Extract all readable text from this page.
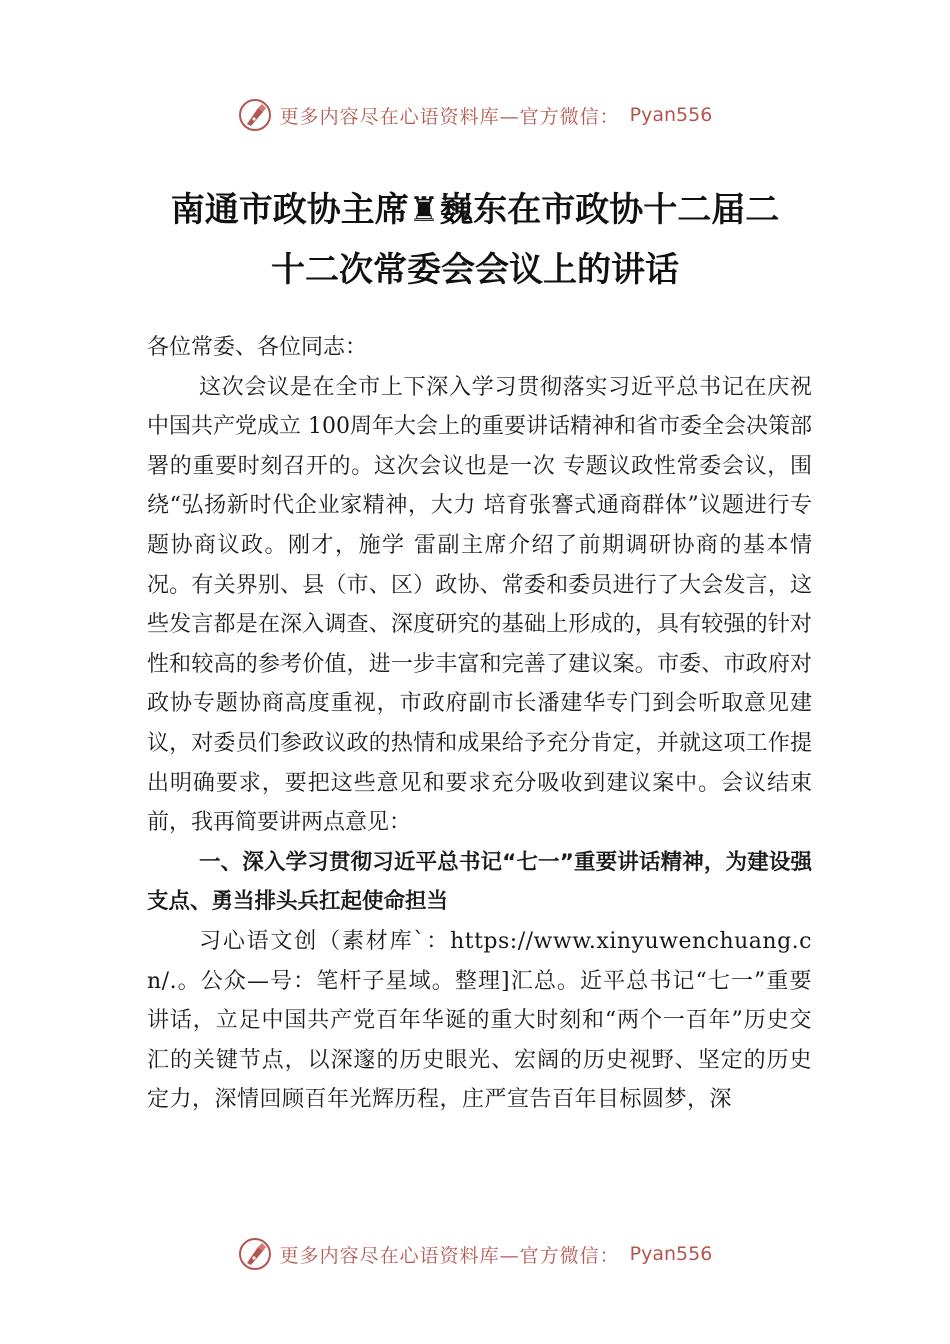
更多内容尽在心语资料库—官方微信： Pyan556
南通市政协主席♜巍东在市政协十二届二
十二次常委会会议上的讲话

各位常委、各位同志：

这次会议是在全市上下深入学习贯彻落实习近平总书记在庆祝中国共产党成立 100周年大会上的重要讲话精神和省市委全会决策部署的重要时刻召开的。这次会议也是一次 专题议政性常委会议，围绕“弘扬新时代企业家精神，大力 培育张謇式通商群体”议题进行专题协商议政。刚才，施学 雷副主席介绍了前期调研协商的基本情况。有关界别、县（市、区）政协、常委和委员进行了大会发言，这些发言都是在深入调查、深度研究的基础上形成的，具有较强的针对性和较高的参考价值，进一步丰富和完善了建议案。市委、市政府对政协专题协商高度重视，市政府副市长潘建华专门到会听取意见建议，对委员们参政议政的热情和成果给予充分肯定，并就这项工作提出明确要求，要把这些意见和要求充分吸收到建议案中。会议结束前，我再简要讲两点意见：

一、深入学习贯彻习近平总书记“七一”重要讲话精神，为建设强支点、勇当排头兵扛起使命担当

习心语文创（素材库`：https://www.xinyuwenchuang.cn/.。公众—号：笔杆子星域。整理]汇总。近平总书记“七一”重要讲话，立足中国共产党百年华诞的重大时刻和“两个一百年”历史交汇的关键节点，以深邃的历史眼光、宏阔的历史视野、坚定的历史定力，深情回顾百年光辉历程，庄严宣告百年目标圆梦，深

更多内容尽在心语资料库—官方微信： Pyan556
